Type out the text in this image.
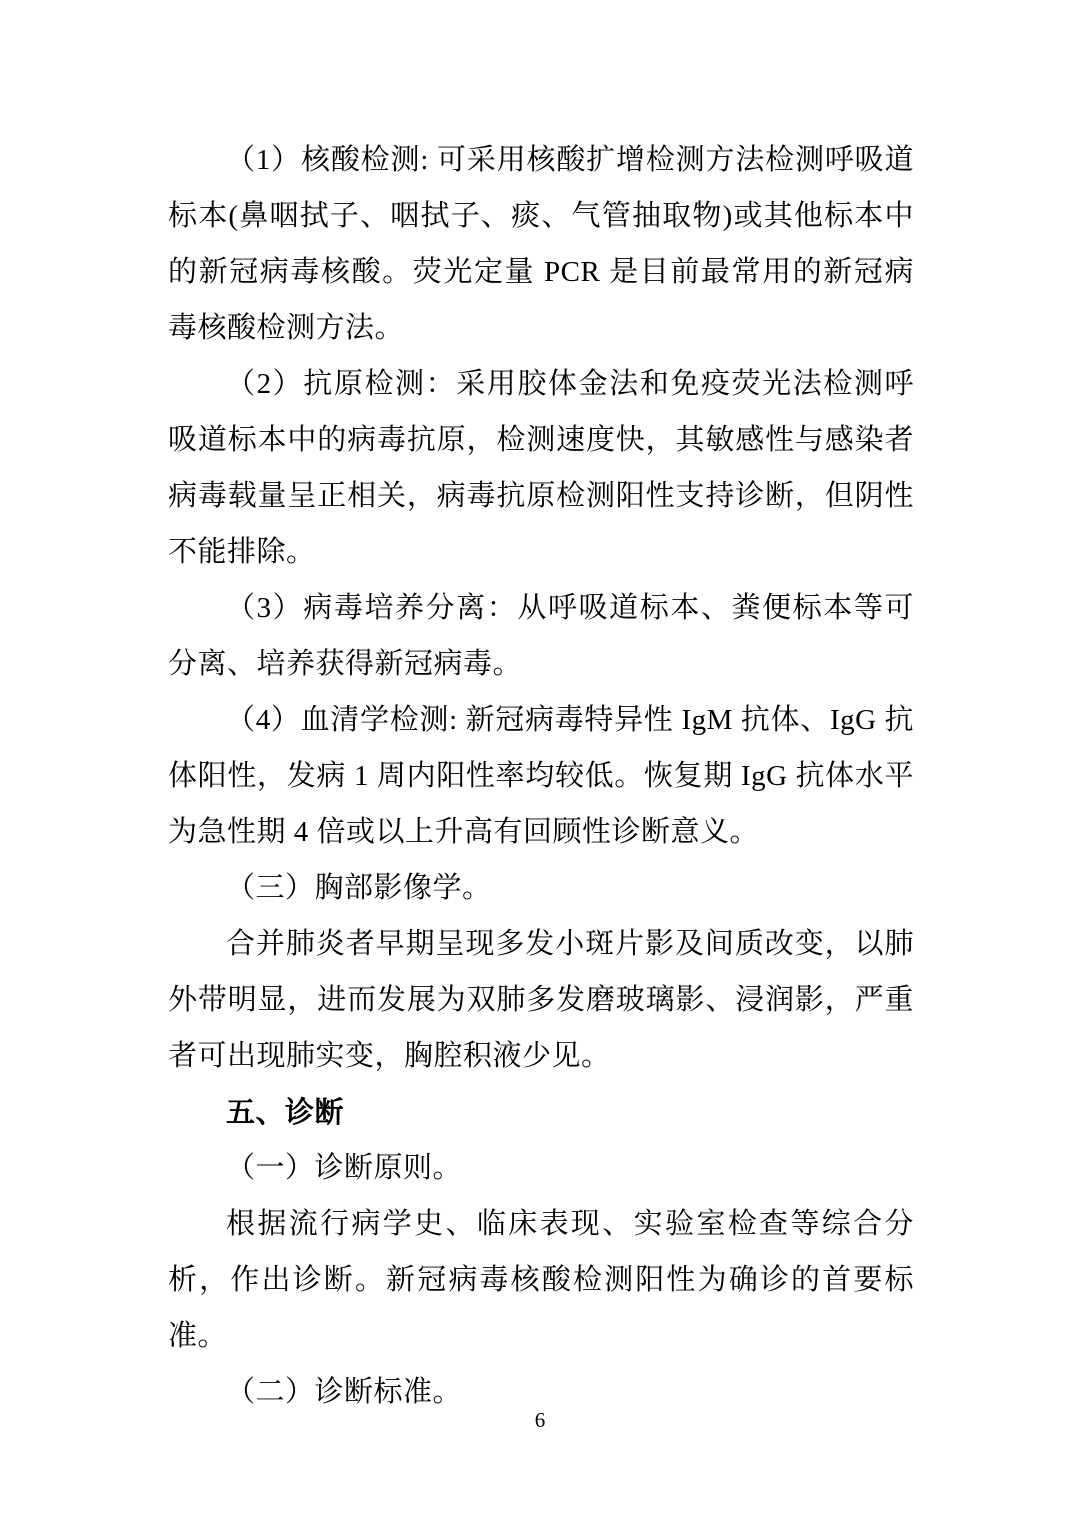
（1）核酸检测: 可采用核酸扩增检测方法检测呼吸道标本(鼻咽拭子、咽拭子、痰、气管抽取物)或其他标本中的新冠病毒核酸。荧光定量 PCR 是目前最常用的新冠病毒核酸检测方法。

（2）抗原检测：采用胶体金法和免疫荧光法检测呼吸道标本中的病毒抗原，检测速度快，其敏感性与感染者病毒载量呈正相关，病毒抗原检测阳性支持诊断，但阴性不能排除。

（3）病毒培养分离：从呼吸道标本、粪便标本等可分离、培养获得新冠病毒。

（4）血清学检测: 新冠病毒特异性 IgM 抗体、IgG 抗体阳性，发病 1 周内阳性率均较低。恢复期 IgG 抗体水平为急性期 4 倍或以上升高有回顾性诊断意义。

（三）胸部影像学。

合并肺炎者早期呈现多发小斑片影及间质改变，以肺外带明显，进而发展为双肺多发磨玻璃影、浸润影，严重者可出现肺实变，胸腔积液少见。

五、诊断

（一）诊断原则。

根据流行病学史、临床表现、实验室检查等综合分析，作出诊断。新冠病毒核酸检测阳性为确诊的首要标准。

（二）诊断标准。

6
